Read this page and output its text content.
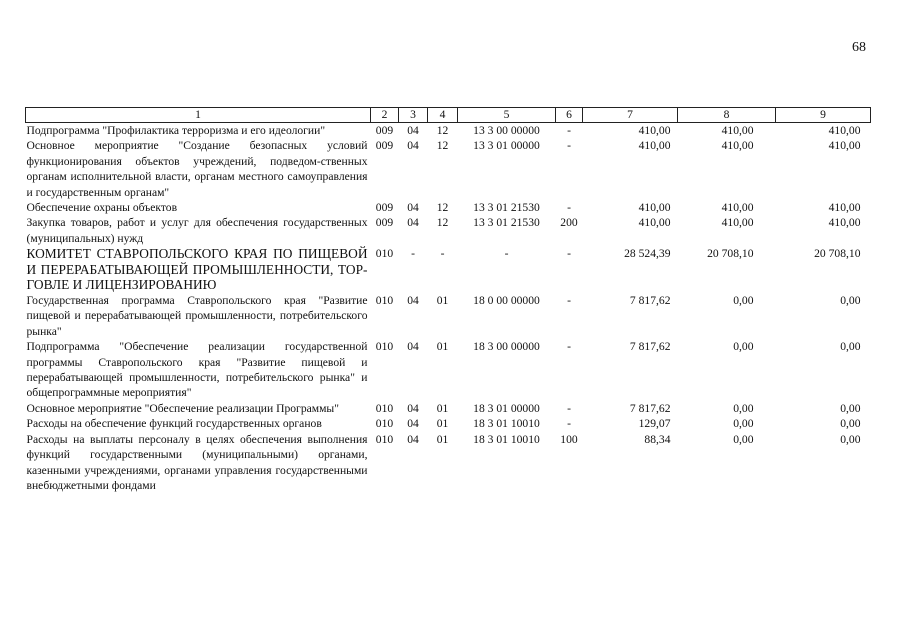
68
1	2	3	4	5	6	7	8	9
Подпрограмма "Профилактика терроризма и его идеологии"	009	04	12	13 3 00 00000	-	410,00	410,00	410,00
Основное мероприятие "Создание безопасных условий функционирования объектов учреждений, подведом-ственных органам исполнительной власти, органам местного самоуправления и государственным органам"	009	04	12	13 3 01 00000	-	410,00	410,00	410,00
Обеспечение охраны объектов	009	04	12	13 3 01 21530	-	410,00	410,00	410,00
Закупка товаров, работ и услуг для обеспечения государственных (муниципальных) нужд	009	04	12	13 3 01 21530	200	410,00	410,00	410,00
КОМИТЕТ СТАВРОПОЛЬСКОГО КРАЯ ПО ПИЩЕВОЙ И ПЕРЕРАБАТЫВАЮЩЕЙ ПРОМЫШЛЕННОСТИ, ТОР-ГОВЛЕ И ЛИЦЕНЗИРОВАНИЮ	010	-	-	-	-	28 524,39	20 708,10	20 708,10
Государственная программа Ставропольского края "Развитие пищевой и перерабатывающей промышленности, потребительского рынка"	010	04	01	18 0 00 00000	-	7 817,62	0,00	0,00
Подпрограмма "Обеспечение реализации государственной программы Ставропольского края "Развитие пищевой и перерабатывающей промышленности, потребительского рынка" и общепрограммные мероприятия"	010	04	01	18 3 00 00000	-	7 817,62	0,00	0,00
Основное мероприятие "Обеспечение реализации Программы"	010	04	01	18 3 01 00000	-	7 817,62	0,00	0,00
Расходы на обеспечение функций государственных органов	010	04	01	18 3 01 10010	-	129,07	0,00	0,00
Расходы на выплаты персоналу в целях обеспечения выполнения функций государственными (муниципальными) органами, казенными учреждениями, органами управления государственными внебюджетными фондами	010	04	01	18 3 01 10010	100	88,34	0,00	0,00
